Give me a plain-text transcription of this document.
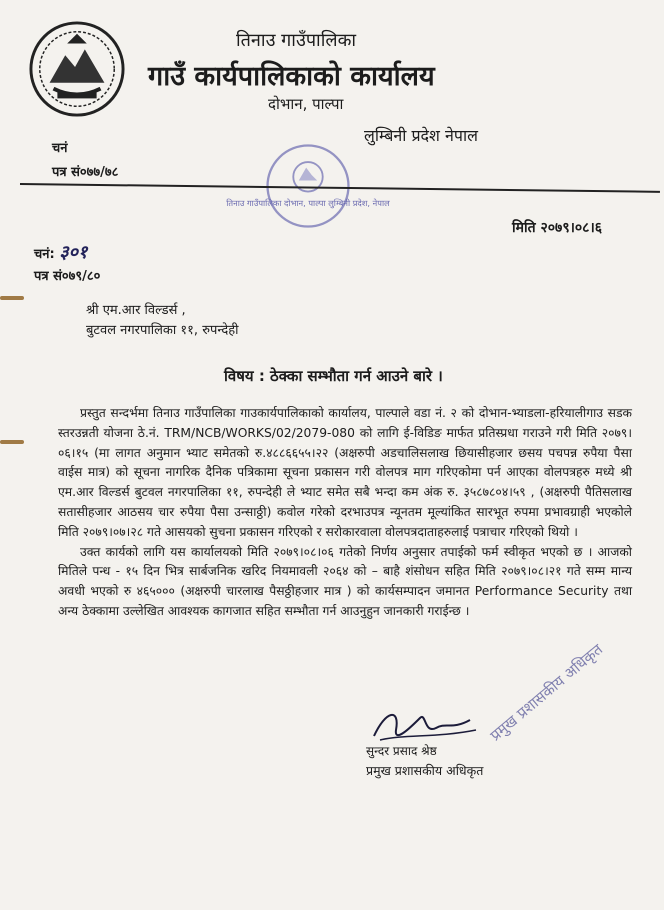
तिनाउ गाउँपालिका
गाउँ कार्यपालिकाको कार्यालय
दोभान, पाल्पा
लुम्बिनी प्रदेश नेपाल
चनं
पत्र सं०७७/७८
तिनाउ गाउँपालिका दोभान, पाल्पा लुम्बिनी प्रदेश, नेपाल
मिति २०७९।०८।६
चनं: ३०१
पत्र सं०७९/८०
श्री एम.आर विल्डर्स ,
बुटवल नगरपालिका ११, रुपन्देही
विषय : ठेक्का सम्भौता गर्न आउने बारे ।

प्रस्तुत सन्दर्भमा तिनाउ गाउँपालिका गाउकार्यपालिकाको कार्यालय, पाल्पाले वडा नं. २ को दोभान-भ्याडला-हरियालीगाउ सडक स्तरउन्नती योजना ठे.नं. TRM/NCB/WORKS/02/2079-080 को लागि ई-विडिङ मार्फत प्रतिस्प्रधा गराउने गरी मिति २०७९।०६।१५ (मा लागत अनुमान भ्याट समेतको रु.४८८६६५५।२२ (अक्षरुपी अडचालिसलाख छियासीहजार छसय पचपन्न रुपैया पैसा वाईस मात्र) को सूचना नागरिक दैनिक पत्रिकामा सूचना प्रकासन गरी वोलपत्र माग गरिएकोमा पर्न आएका वोलपत्रहरु मध्ये श्री एम.आर विल्डर्स बुटवल नगरपालिका ११, रुपन्देही ले भ्याट समेत सबै भन्दा कम अंक रु. ३५८७८०४।५९ , (अक्षरुपी पैतिसलाख सतासीहजार आठसय चार रुपैया पैसा उन्साठ्ठी) कवोल गरेको दरभाउपत्र न्यूनतम मूल्यांकित सारभूत रुपमा प्रभावग्राही भएकोले मिति २०७९।०७।२८ गते आसयको सुचना प्रकासन गरिएको र सरोकारवाला वोलपत्रदाताहरुलाई पत्राचार गरिएको थियो ।

उक्त कार्यको लागि यस कार्यालयको मिति २०७९।०८।०६ गतेको निर्णय अनुसार तपाईको फर्म स्वीकृत भएको छ । आजको मितिले पन्ध - १५ दिन भित्र सार्बजनिक खरिद नियमावली २०६४ को – बाहै शंसोधन सहित मिति २०७९।०८।२१ गते सम्म मान्य अवधी भएको रु ४६५००० (अक्षरुपी चारलाख पैसठ्ठीहजार मात्र ) को कार्यसम्पादन जमानत Performance Security तथा अन्य ठेक्कामा उल्लेखित आवश्यक कागजात सहित सम्भौता गर्न आउनुहुन जानकारी गराईन्छ ।

सुन्दर प्रसाद श्रेष्ठ
प्रमुख प्रशासकीय अधिकृत
प्रमुख प्रशासकीय अधिकृत
